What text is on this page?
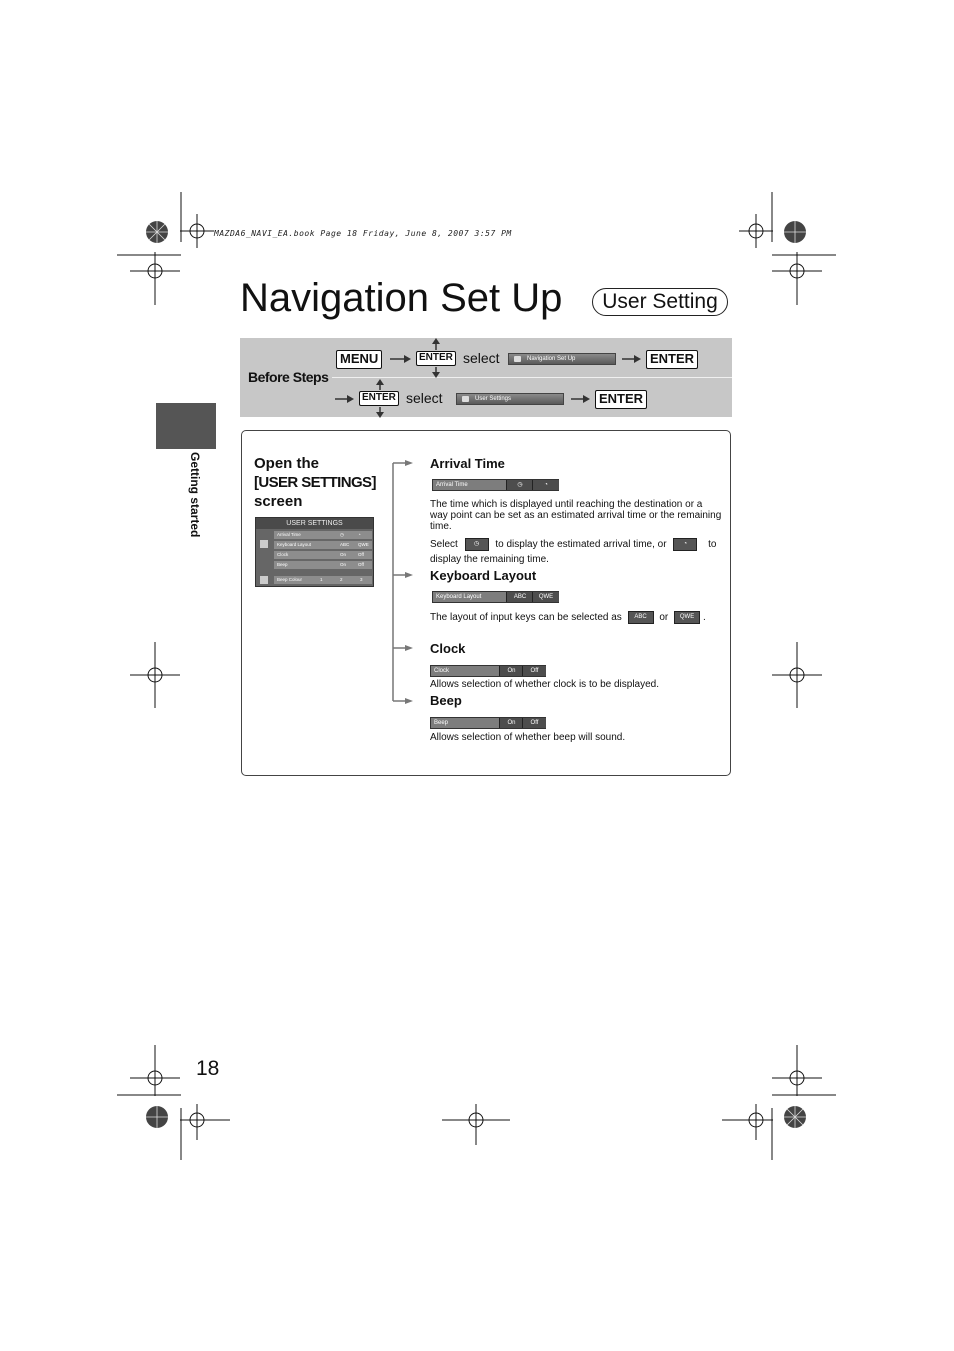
MAZDA6_NAVI_EA.book Page 18 Friday, June 8, 2007 3:57 PM
Navigation Set Up	User Setting
Getting started
Before Steps
MENU	ENTER select	Navigation Set Up	ENTER
ENTER select	User Settings	ENTER
Open the
[USER SETTINGS]
screen
USER SETTINGS
Arrival Time	◷	◔
Keyboard Layout	ABC QWE
Clock	On	Off
Beep	On	Off
Beep Colour	1	2	3
Arrival Time
Arrival Time	◷	◔
The time which is displayed until reaching the destination or a way point can be set as an estimated arrival time or the remaining time.
Select	◷ to display the estimated arrival time, or	◔ to
display the remaining time.
Keyboard Layout
Keyboard Layout	ABC	QWE
The layout of input keys can be selected as ABC or QWE .
Clock
Clock	On	Off
Allows selection of whether clock is to be displayed.
Beep
Beep	On	Off
Allows selection of whether beep will sound.
18
